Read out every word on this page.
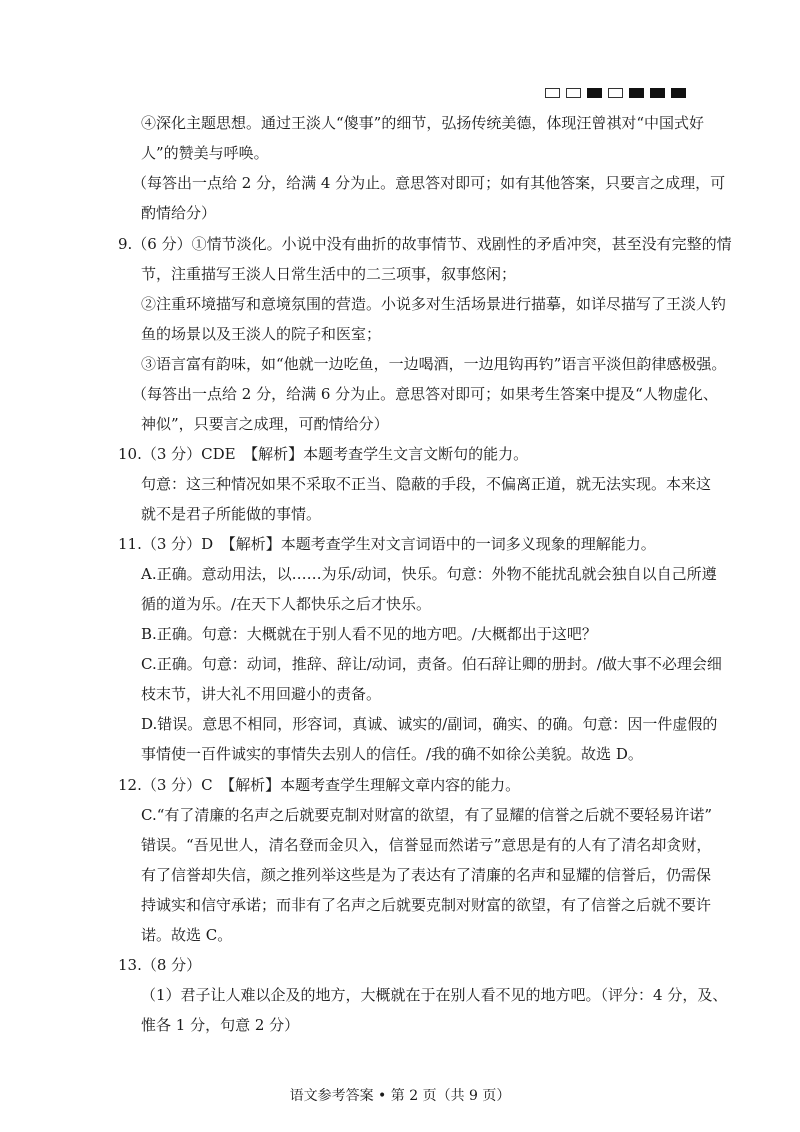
④深化主题思想。通过王淡人“傻事”的细节，弘扬传统美德，体现汪曾祺对“中国式好
人”的赞美与呼唤。
（每答出一点给 2 分，给满 4 分为止。意思答对即可；如有其他答案，只要言之成理，可
酌情给分）
9.（6 分）①情节淡化。小说中没有曲折的故事情节、戏剧性的矛盾冲突，甚至没有完整的情
节，注重描写王淡人日常生活中的二三项事，叙事悠闲；
②注重环境描写和意境氛围的营造。小说多对生活场景进行描摹，如详尽描写了王淡人钓
鱼的场景以及王淡人的院子和医室；
③语言富有韵味，如“他就一边吃鱼，一边喝酒，一边甩钩再钓”语言平淡但韵律感极强。
（每答出一点给 2 分，给满 6 分为止。意思答对即可；如果考生答案中提及“人物虚化、
神似”，只要言之成理，可酌情给分）
10.（3 分）CDE　【解析】本题考查学生文言文断句的能力。
句意：这三种情况如果不采取不正当、隐蔽的手段，不偏离正道，就无法实现。本来这
就不是君子所能做的事情。
11.（3 分）D　【解析】本题考查学生对文言词语中的一词多义现象的理解能力。
A.正确。意动用法，以……为乐/动词，快乐。句意：外物不能扰乱就会独自以自己所遵
循的道为乐。/在天下人都快乐之后才快乐。
B.正确。句意：大概就在于别人看不见的地方吧。/大概都出于这吧？
C.正确。句意：动词，推辞、辞让/动词，责备。伯石辞让卿的册封。/做大事不必理会细
枝末节，讲大礼不用回避小的责备。
D.错误。意思不相同，形容词，真诚、诚实的/副词，确实、的确。句意：因一件虚假的
事情使一百件诚实的事情失去别人的信任。/我的确不如徐公美貌。故选 D。
12.（3 分）C　【解析】本题考查学生理解文章内容的能力。
C.“有了清廉的名声之后就要克制对财富的欲望，有了显耀的信誉之后就不要轻易许诺”
错误。“吾见世人，清名登而金贝入，信誉显而然诺亏”意思是有的人有了清名却贪财，
有了信誉却失信，颜之推列举这些是为了表达有了清廉的名声和显耀的信誉后，仍需保
持诚实和信守承诺；而非有了名声之后就要克制对财富的欲望，有了信誉之后就不要许
诺。故选 C。
13.（8 分）
（1）君子让人难以企及的地方，大概就在于在别人看不见的地方吧。（评分：4 分，及、
惟各 1 分，句意 2 分）
语文参考答案 • 第 2 页（共 9 页）
